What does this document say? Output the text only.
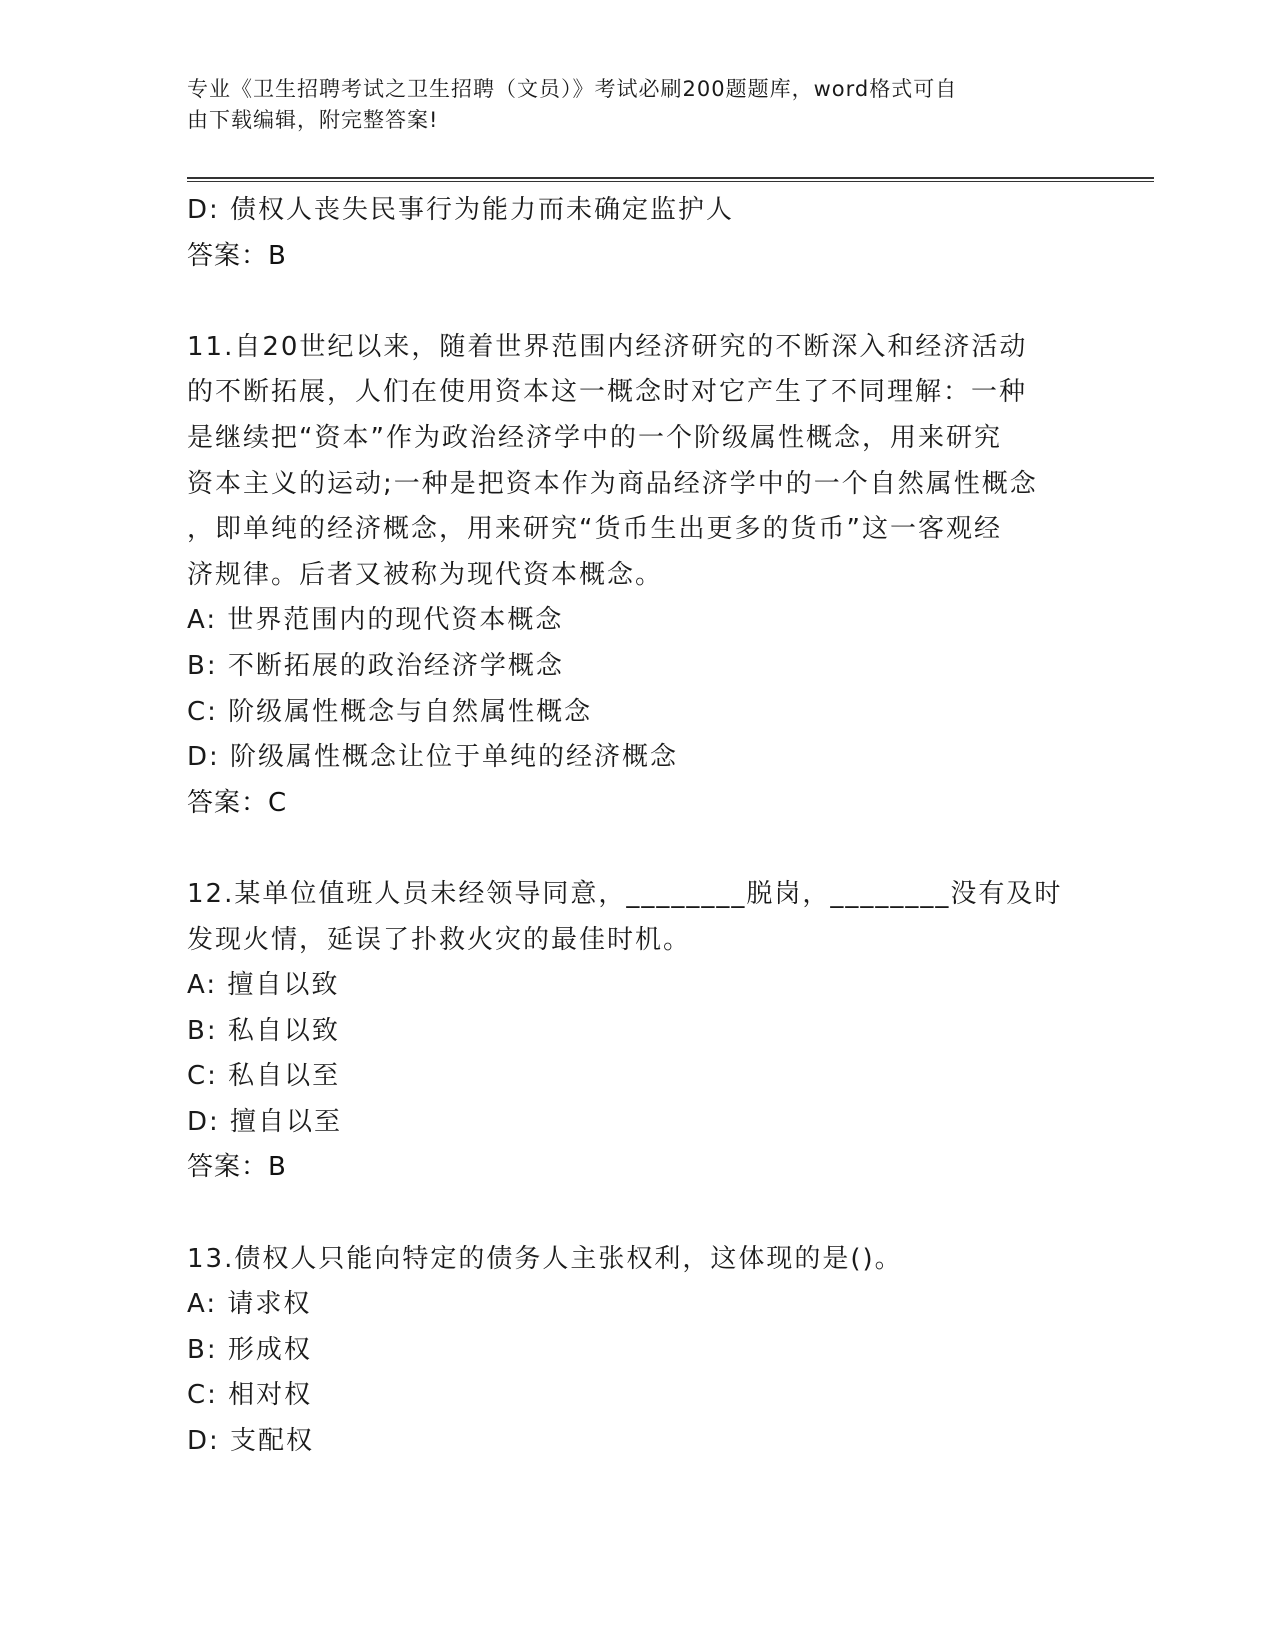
专业《卫生招聘考试之卫生招聘（文员）》考试必刷200题题库，word格式可自
由下载编辑，附完整答案!
D: 债权人丧失民事行为能力而未确定监护人
答案：B
11.自20世纪以来，随着世界范围内经济研究的不断深入和经济活动
的不断拓展，人们在使用资本这一概念时对它产生了不同理解：一种
是继续把“资本”作为政治经济学中的一个阶级属性概念，用来研究
资本主义的运动;一种是把资本作为商品经济学中的一个自然属性概念
，即单纯的经济概念，用来研究“货币生出更多的货币”这一客观经
济规律。后者又被称为现代资本概念。
A: 世界范围内的现代资本概念
B: 不断拓展的政治经济学概念
C: 阶级属性概念与自然属性概念
D: 阶级属性概念让位于单纯的经济概念
答案：C
12.某单位值班人员未经领导同意，________脱岗，________没有及时
发现火情，延误了扑救火灾的最佳时机。
A: 擅自以致
B: 私自以致
C: 私自以至
D: 擅自以至
答案：B
13.债权人只能向特定的债务人主张权利，这体现的是()。
A: 请求权
B: 形成权
C: 相对权
D: 支配权
